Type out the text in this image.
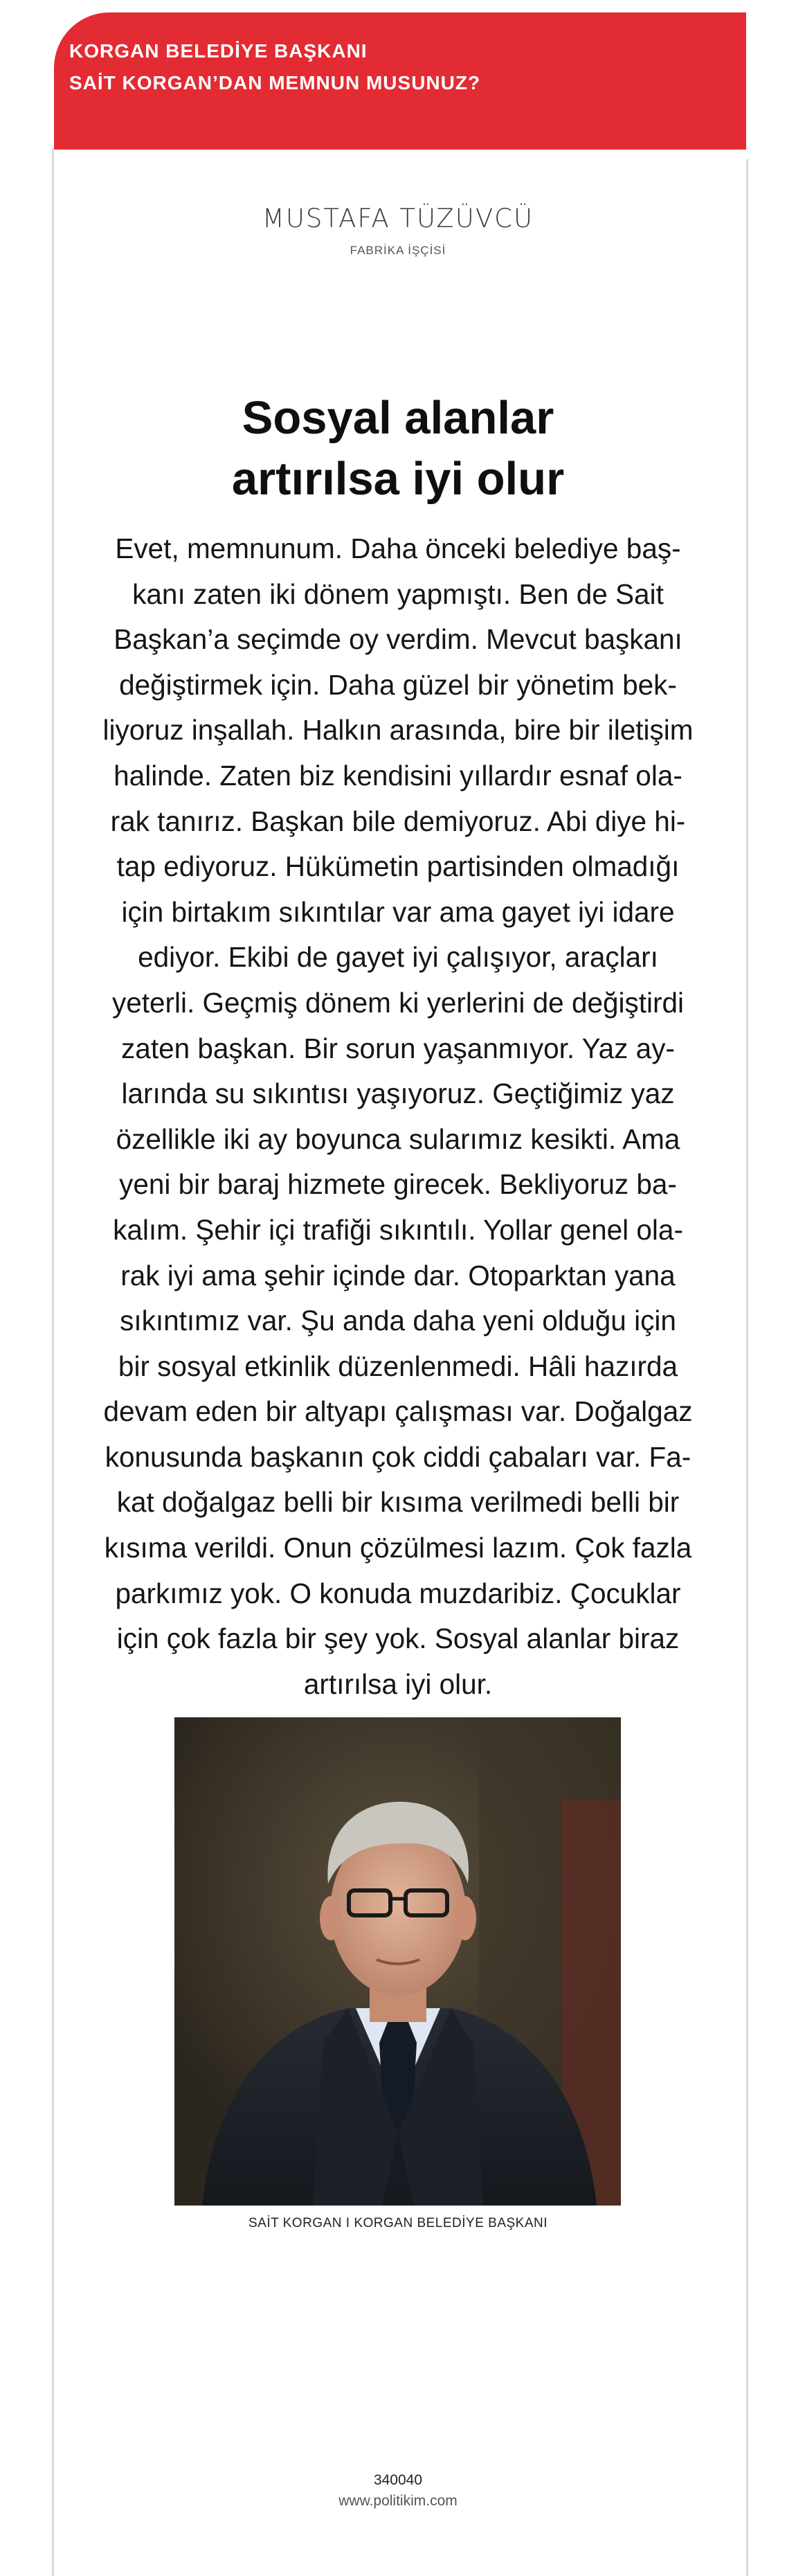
KORGAN BELEDİYE BAŞKANI
SAİT KORGAN’DAN MEMNUN MUSUNUZ?
MUSTAFA TÜZÜVCÜ
FABRİKA İŞÇİSİ
Sosyal alanlar
artırılsa iyi olur
Evet, memnunum. Daha önceki belediye baş-
kanı zaten iki dönem yapmıştı. Ben de Sait
Başkan’a seçimde oy verdim. Mevcut başkanı
değiştirmek için. Daha güzel bir yönetim bek-
liyoruz inşallah. Halkın arasında, bire bir iletişim
halinde. Zaten biz kendisini yıllardır esnaf ola-
rak tanırız. Başkan bile demiyoruz. Abi diye hi-
tap ediyoruz. Hükümetin partisinden olmadığı
için birtakım sıkıntılar var ama gayet iyi idare
ediyor. Ekibi de gayet iyi çalışıyor, araçları
yeterli. Geçmiş dönem ki yerlerini de değiştirdi
zaten başkan. Bir sorun yaşanmıyor. Yaz ay-
larında su sıkıntısı yaşıyoruz. Geçtiğimiz yaz
özellikle iki ay boyunca sularımız kesikti. Ama
yeni bir baraj hizmete girecek. Bekliyoruz ba-
kalım. Şehir içi trafiği sıkıntılı. Yollar genel ola-
rak iyi ama şehir içinde dar. Otoparktan yana
sıkıntımız var. Şu anda daha yeni olduğu için
bir sosyal etkinlik düzenlenmedi. Hâli hazırda
devam eden bir altyapı çalışması var. Doğalgaz
konusunda başkanın çok ciddi çabaları var. Fa-
kat doğalgaz belli bir kısıma verilmedi belli bir
kısıma verildi. Onun çözülmesi lazım. Çok fazla
parkımız yok. O konuda muzdaribiz. Çocuklar
için çok fazla bir şey yok. Sosyal alanlar biraz
artırılsa iyi olur.
SAİT KORGAN I KORGAN BELEDİYE BAŞKANI
340040
www.politikim.com
